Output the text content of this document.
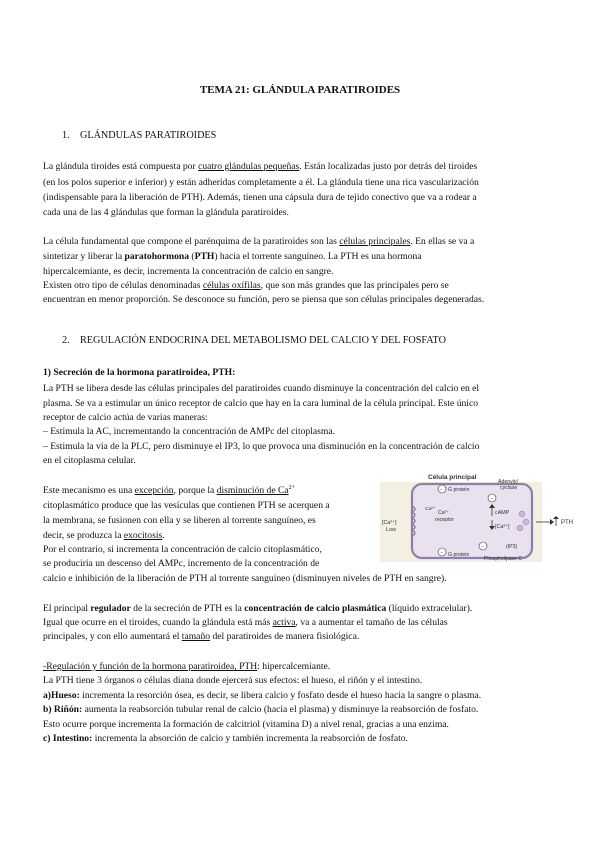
TEMA 21: GLÁNDULA PARATIROIDES
1. GLÁNDULAS PARATIROIDES
La glándula tiroides está compuesta por cuatro glándulas pequeñas. Están localizadas justo por detrás del tiroides
(en los polos superior e inferior) y están adheridas completamente a él. La glándula tiene una rica vascularización
(indispensable para la liberación de PTH). Además, tienen una cápsula dura de tejido conectivo que va a rodear a
cada una de las 4 glándulas que forman la glándula paratiroides.
La célula fundamental que compone el parénquima de la paratiroides son las células principales. En ellas se va a
sintetizar y liberar la paratohormona (PTH) hacia el torrente sanguíneo. La PTH es una hormona
hipercalcemiante, es decir, incrementa la concentración de calcio en sangre.
Existen otro tipo de células denominadas células oxífilas, que son más grandes que las principales pero se
encuentran en menor proporción. Se desconoce su función, pero se piensa que son células principales degeneradas.
2. REGULACIÓN ENDOCRINA DEL METABOLISMO DEL CALCIO Y DEL FOSFATO
1) Secreción de la hormona paratiroidea, PTH:
La PTH se libera desde las células principales del paratiroides cuando disminuye la concentración del calcio en el
plasma. Se va a estimular un único receptor de calcio que hay en la cara luminal de la célula principal. Este único
receptor de calcio actúa de varias maneras:
– Estimula la AC, incrementando la concentración de AMPc del citoplasma.
– Estimula la vía de la PLC, pero disminuye el IP3, lo que provoca una disminución en la concentración de calcio
en el citoplasma celular.
Este mecanismo es una excepción, porque la disminución de $Ca^{2+}$
citoplasmático produce que las vesículas que contienen PTH se acerquen a
la membrana, se fusionen con ella y se liberen al torrente sanguíneo, es
decir, se produzca la exocitosis.
Por el contrario, si incrementa la concentración de calcio citoplasmático,
se produciría un descenso del AMPc, incremento de la concentración de
calcio e inhibición de la liberación de PTH al torrente sanguíneo (disminuyen niveles de PTH en sangre).
El principal regulador de la secreción de PTH es la concentración de calcio plasmática (líquido extracelular).
Igual que ocurre en el tiroides, cuando la glándula está más activa, va a aumentar el tamaño de las células
principales, y con ello aumentará el tamaño del paratiroides de manera fisiológica.
-Regulación y función de la hormona paratiroidea, PTH: hipercalcemiante.
La PTH tiene 3 órganos o células diana donde ejercerá sus efectos: el hueso, el riñón y el intestino.
a)Hueso: incrementa la resorción ósea, es decir, se libera calcio y fosfato desde el hueso hacia la sangre o plasma.
b) Riñón: aumenta la reabsorción tubular renal de calcio (hacia el plasma) y disminuye la reabsorción de fosfato.
Esto ocurre porque incrementa la formación de calcitriol (vitamina D) a nivel renal, gracias a una enzima.
c) Intestino: incrementa la absorción de calcio y también incrementa la reabsorción de fosfato.
Célula principal
− G protein
Adenylyl
cyclase
−
cAMP
[Ca²⁺]
Ca²⁺
receptor
Ca²⁺
[Ca²⁺]
Low
− G protein
−	(IP3)
Phospholipase C
PTH
